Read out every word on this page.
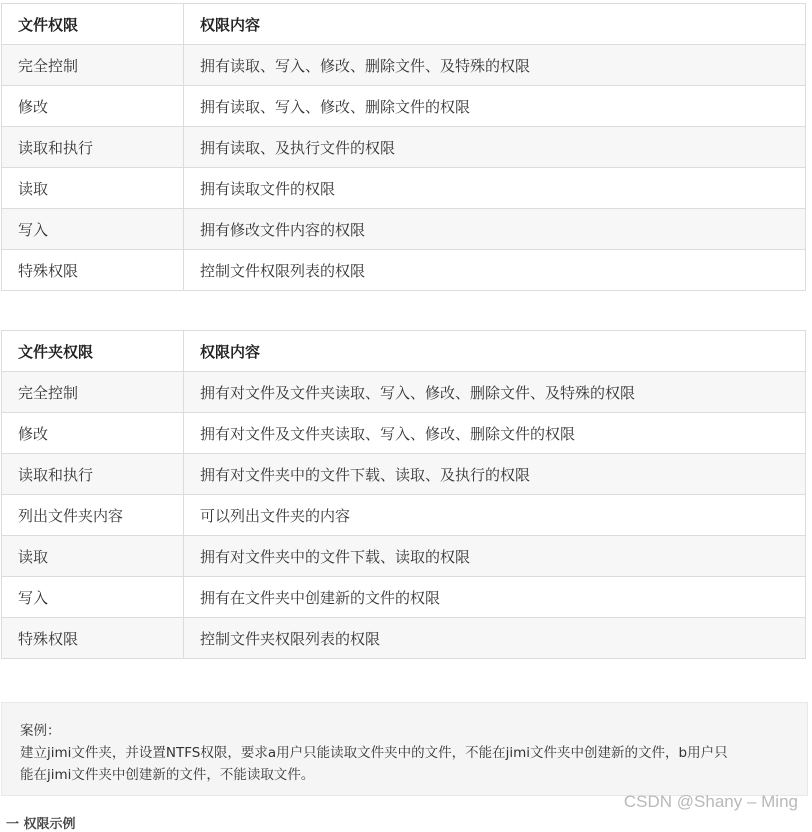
文件权限	权限内容
完全控制	拥有读取、写入、修改、删除文件、及特殊的权限
修改	拥有读取、写入、修改、删除文件的权限
读取和执行	拥有读取、及执行文件的权限
读取	拥有读取文件的权限
写入	拥有修改文件内容的权限
特殊权限	控制文件权限列表的权限
文件夹权限	权限内容
完全控制	拥有对文件及文件夹读取、写入、修改、删除文件、及特殊的权限
修改	拥有对文件及文件夹读取、写入、修改、删除文件的权限
读取和执行	拥有对文件夹中的文件下载、读取、及执行的权限
列出文件夹内容	可以列出文件夹的内容
读取	拥有对文件夹中的文件下载、读取的权限
写入	拥有在文件夹中创建新的文件的权限
特殊权限	控制文件夹权限列表的权限
案例：
建立jimi文件夹，并设置NTFS权限，要求a用户只能读取文件夹中的文件，不能在jimi文件夹中创建新的文件，b用户只
能在jimi文件夹中创建新的文件，不能读取文件。
CSDN @Shany – Ming
一 权限示例
